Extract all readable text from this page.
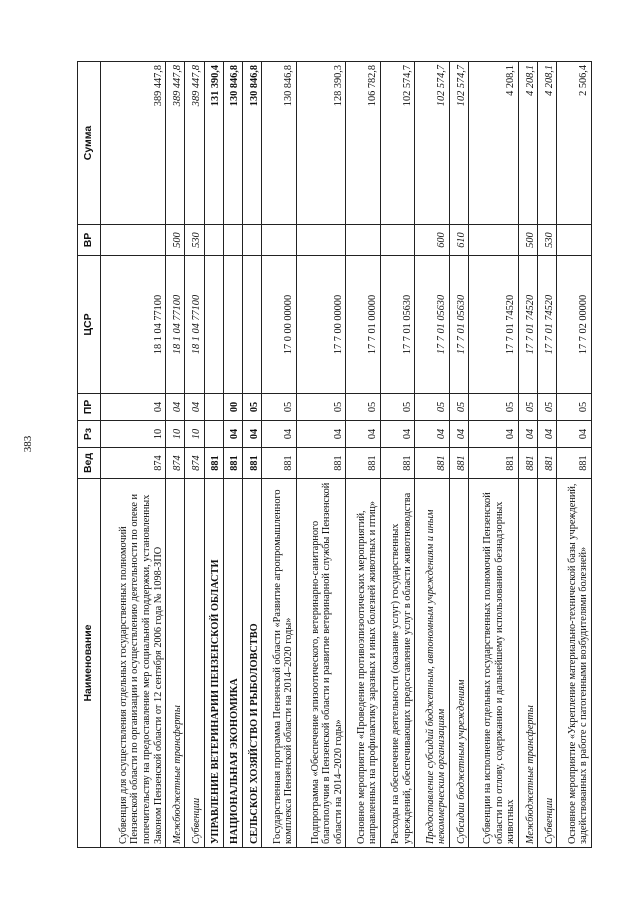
383
Наименование	Вед	Рз	ПР	ЦСР	ВР	Сумма
Субвенция для осуществления отдельных государственных полномочий Пензенской области по организации и осуществлению деятельности по опеке и попечительству на предоставление мер социальной поддержки, установленных Законом Пензенской области от 12 сентября 2006 года № 1098-ЗПО	874	10	04	18 1 04 77100		389 447,8
Межбюджетные трансферты	874	10	04	18 1 04 77100	500	389 447,8
Субвенции	874	10	04	18 1 04 77100	530	389 447,8
УПРАВЛЕНИЕ ВЕТЕРИНАРИИ ПЕНЗЕНСКОЙ ОБЛАСТИ	881					131 390,4
НАЦИОНАЛЬНАЯ ЭКОНОМИКА	881	04	00			130 846,8
СЕЛЬСКОЕ ХОЗЯЙСТВО И РЫБОЛОВСТВО	881	04	05			130 846,8
Государственная программа Пензенской области «Развитие агропромышленного комплекса Пензенской области на 2014–2020 годы»	881	04	05	17 0 00 00000		130 846,8
Подпрограмма «Обеспечение эпизоотического, ветеринарно-санитарного благополучия в Пензенской области и развитие ветеринарной службы Пензенской области на 2014–2020 годы»	881	04	05	17 7 00 00000		128 390,3
Основное мероприятие «Проведение противоэпизоотических мероприятий, направленных на профилактику заразных и иных болезней животных и птиц»	881	04	05	17 7 01 00000		106 782,8
Расходы на обеспечение деятельности (оказание услуг) государственных учреждений, обеспечивающих предоставление услуг в области животноводства	881	04	05	17 7 01 05630		102 574,7
Предоставление субсидий бюджетным, автономным учреждениям и иным некоммерческим организациям	881	04	05	17 7 01 05630	600	102 574,7
Субсидии бюджетным учреждениям	881	04	05	17 7 01 05630	610	102 574,7
Субвенции на исполнение отдельных государственных полномочий Пензенской области по отлову, содержанию и дальнейшему использованию безнадзорных животных	881	04	05	17 7 01 74520		4 208,1
Межбюджетные трансферты	881	04	05	17 7 01 74520	500	4 208,1
Субвенции	881	04	05	17 7 01 74520	530	4 208,1
Основное мероприятие «Укрепление материально-технической базы учреждений, задействованных в работе с патогенными возбудителями болезней»	881	04	05	17 7 02 00000		2 506,4
